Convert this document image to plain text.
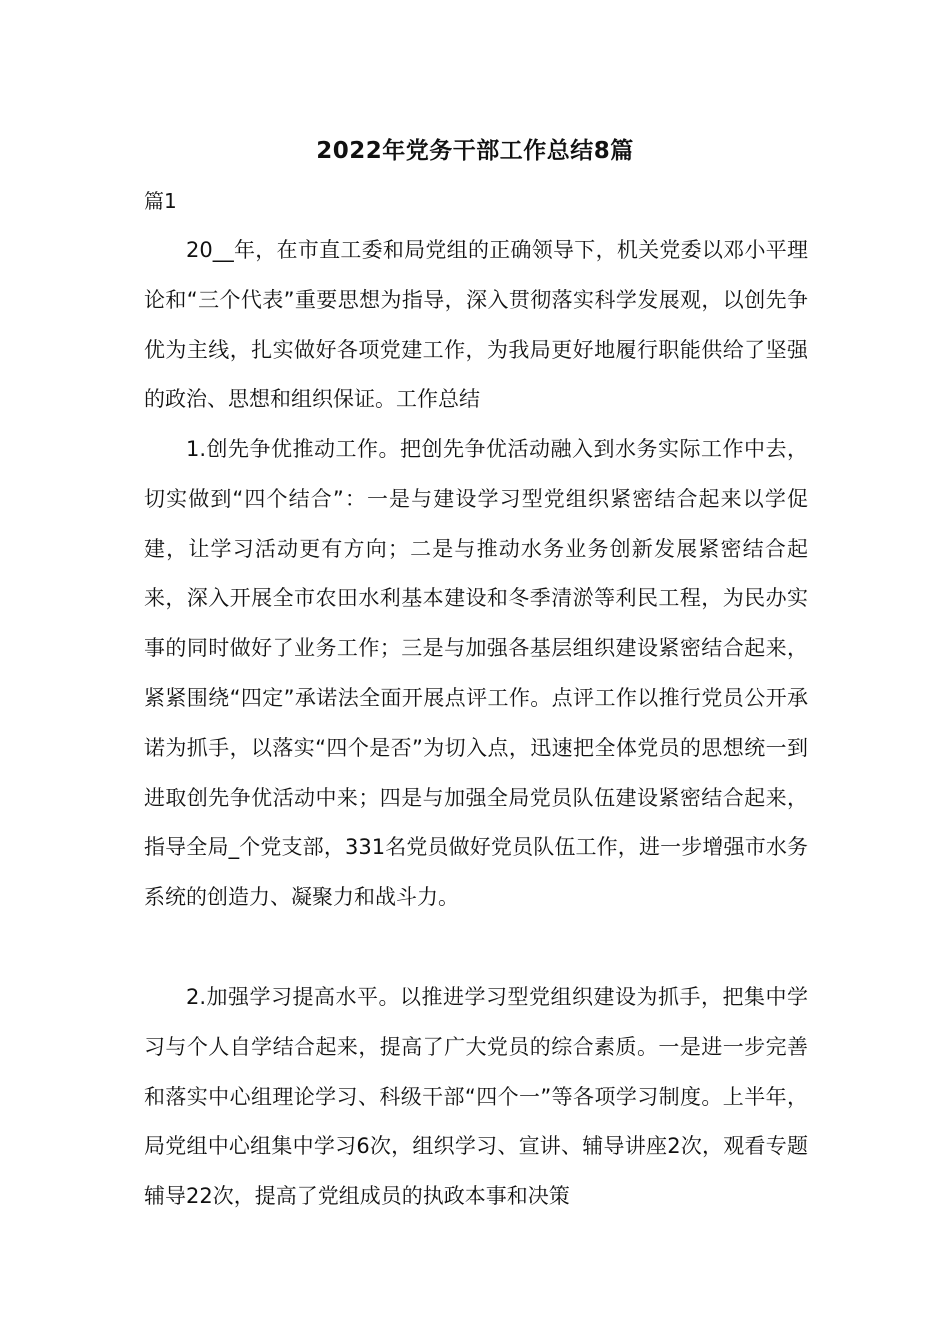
2022年党务干部工作总结8篇
篇1

20__年，在市直工委和局党组的正确领导下，机关党委以邓小平理论和“三个代表”重要思想为指导，深入贯彻落实科学发展观，以创先争优为主线，扎实做好各项党建工作，为我局更好地履行职能供给了坚强的政治、思想和组织保证。工作总结

1.创先争优推动工作。把创先争优活动融入到水务实际工作中去，切实做到“四个结合”：一是与建设学习型党组织紧密结合起来以学促建，让学习活动更有方向；二是与推动水务业务创新发展紧密结合起来，深入开展全市农田水利基本建设和冬季清淤等利民工程，为民办实事的同时做好了业务工作；三是与加强各基层组织建设紧密结合起来，紧紧围绕“四定”承诺法全面开展点评工作。点评工作以推行党员公开承诺为抓手，以落实“四个是否”为切入点，迅速把全体党员的思想统一到进取创先争优活动中来；四是与加强全局党员队伍建设紧密结合起来，指导全局_个党支部，331名党员做好党员队伍工作，进一步增强市水务系统的创造力、凝聚力和战斗力。

2.加强学习提高水平。以推进学习型党组织建设为抓手，把集中学习与个人自学结合起来，提高了广大党员的综合素质。一是进一步完善和落实中心组理论学习、科级干部“四个一”等各项学习制度。上半年，局党组中心组集中学习6次，组织学习、宣讲、辅导讲座2次，观看专题辅导22次，提高了党组成员的执政本事和决策
